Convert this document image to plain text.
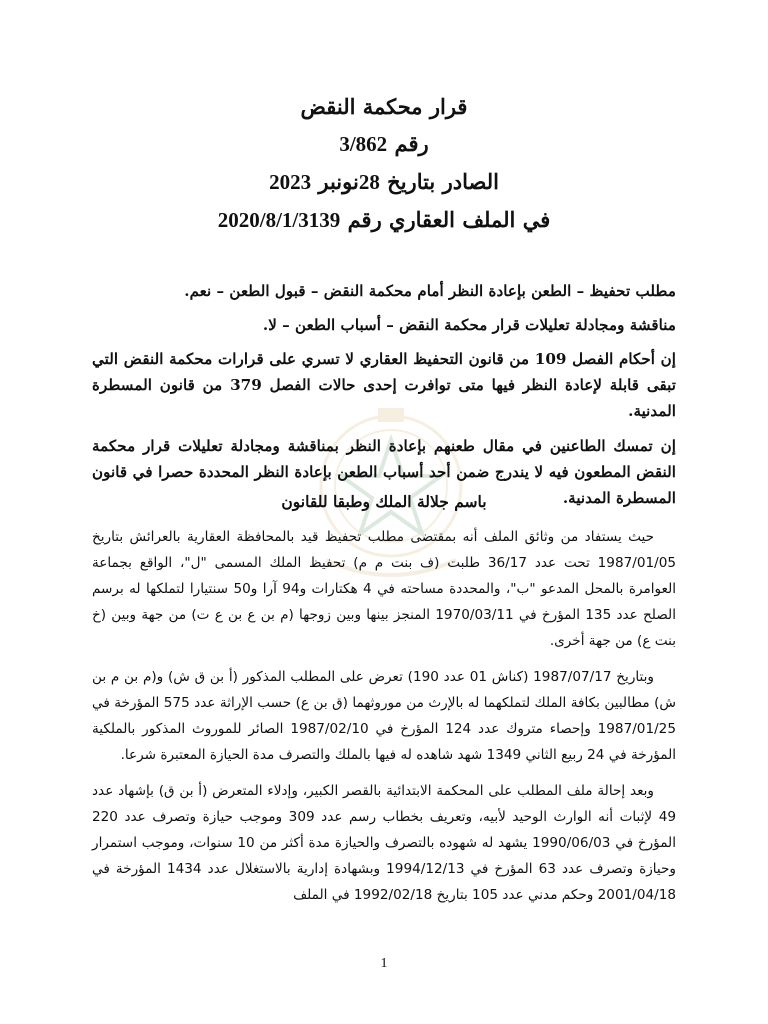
قرار محكمة النقض
رقم 3/862
الصادر بتاريخ 28نونبر 2023
في الملف العقاري رقم 2020/8/1/3139

مطلب تحفيظ – الطعن بإعادة النظر أمام محكمة النقض – قبول الطعن – نعم.

مناقشة ومجادلة تعليلات قرار محكمة النقض – أسباب الطعن – لا.

إن أحكام الفصل 109 من قانون التحفيظ العقاري لا تسري على قرارات محكمة النقض التي تبقى قابلة لإعادة النظر فيها متى توافرت إحدى حالات الفصل 379 من قانون المسطرة المدنية.

إن تمسك الطاعنين في مقال طعنهم بإعادة النظر بمناقشة ومجادلة تعليلات قرار محكمة النقض المطعون فيه لا يندرج ضمن أحد أسباب الطعن بإعادة النظر المحددة حصرا في قانون المسطرة المدنية.

باسم جلالة الملك وطبقا للقانون

حيث يستفاد من وثائق الملف أنه بمقتضى مطلب تحفيظ قيد بالمحافظة العقارية بالعرائش بتاريخ 1987/01/05 تحت عدد 36/17 طلبت (ف بنت م م) تحفيظ الملك المسمى "ل"، الواقع بجماعة العوامرة بالمحل المدعو "ب"، والمحددة مساحته في 4 هكتارات و94 آرا و50 سنتيارا لتملكها له برسم الصلح عدد 135 المؤرخ في 1970/03/11 المنجز بينها وبين زوجها (م بن ع بن ع ت) من جهة وبين (خ بنت ع) من جهة أخرى.

وبتاريخ 1987/07/17 (كناش 01 عدد 190) تعرض على المطلب المذكور (أ بن ق ش) و(م بن م بن ش) مطالبين بكافة الملك لتملكهما له بالإرث من موروثهما (ق بن ع) حسب الإراثة عدد 575 المؤرخة في 1987/01/25 وإحصاء متروك عدد 124 المؤرخ في 1987/02/10 الصائر للموروث المذكور بالملكية المؤرخة في 24 ربيع الثاني 1349 شهد شاهده له فيها بالملك والتصرف مدة الحيازة المعتبرة شرعا.

وبعد إحالة ملف المطلب على المحكمة الابتدائية بالقصر الكبير، وإدلاء المتعرض (أ بن ق) بإشهاد عدد 49 لإثبات أنه الوارث الوحيد لأبيه، وتعريف بخطاب رسم عدد 309 وموجب حيازة وتصرف عدد 220 المؤرخ في 1990/06/03 يشهد له شهوده بالتصرف والحيازة مدة أكثر من 10 سنوات، وموجب استمرار وحيازة وتصرف عدد 63 المؤرخ في 1994/12/13 وبشهادة إدارية بالاستغلال عدد 1434 المؤرخة في 2001/04/18 وحكم مدني عدد 105 بتاريخ 1992/02/18 في الملف

1
